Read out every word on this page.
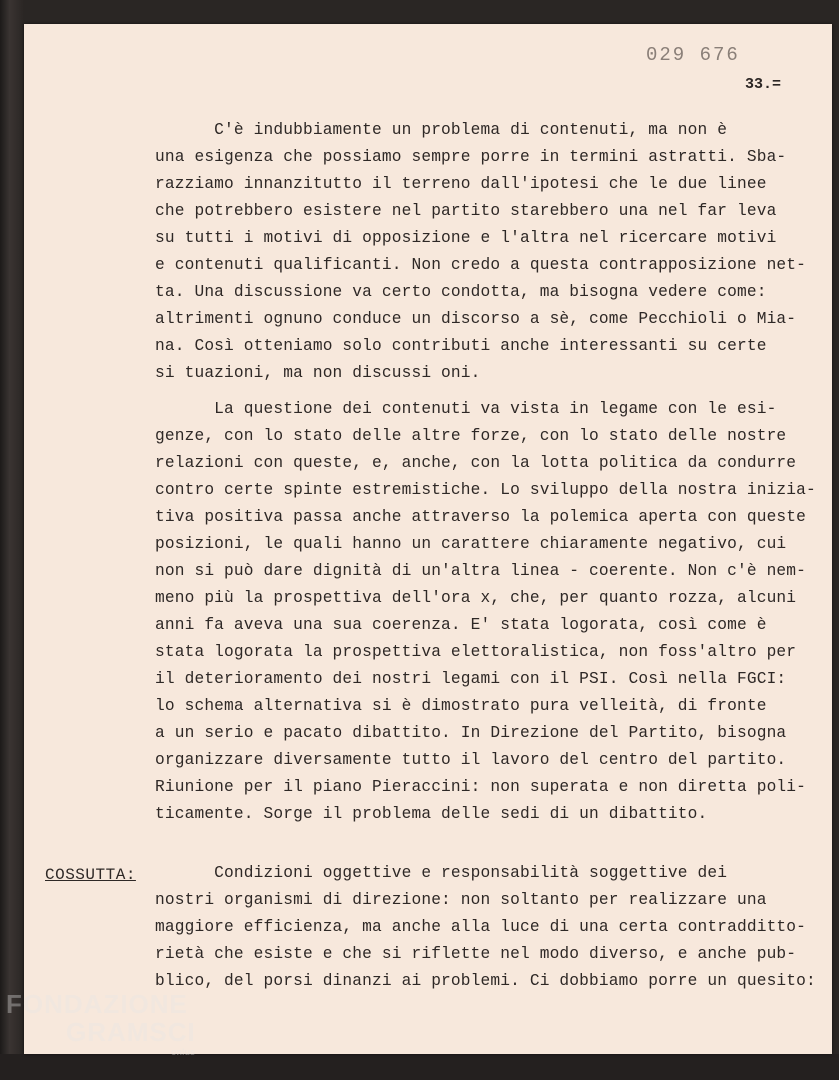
029 676
33.=
C'è indubbiamente un problema di contenuti, ma non è
una esigenza che possiamo sempre porre in termini astratti. Sba-
razziamo innanzitutto il terreno dall'ipotesi che le due linee
che potrebbero esistere nel partito starebbero una nel far leva
su tutti i motivi di opposizione e l'altra nel ricercare motivi
e contenuti qualificanti. Non credo a questa contrapposizione net-
ta. Una discussione va certo condotta, ma bisogna vedere come:
altrimenti ognuno conduce un discorso a sè, come Pecchioli o Mia-
na. Così otteniamo solo contributi anche interessanti su certe
si tuazioni, ma non discussi oni.
La questione dei contenuti va vista in legame con le esi-
genze, con lo stato delle altre forze, con lo stato delle nostre
relazioni con queste, e, anche, con la lotta politica da condurre
contro certe spinte estremistiche. Lo sviluppo della nostra inizia-
tiva positiva passa anche attraverso la polemica aperta con queste
posizioni, le quali hanno un carattere chiaramente negativo, cui
non si può dare dignità di un'altra linea - coerente. Non c'è nem-
meno più la prospettiva dell'ora x, che, per quanto rozza, alcuni
anni fa aveva una sua coerenza. E' stata logorata, così come è
stata logorata la prospettiva elettoralistica, non foss'altro per
il deterioramento dei nostri legami con il PSI. Così nella FGCI:
lo schema alternativa si è dimostrato pura velleità, di fronte
a un serio e pacato dibattito. In Direzione del Partito, bisogna
organizzare diversamente tutto il lavoro del centro del partito.
Riunione per il piano Pieraccini: non superata e non diretta poli-
ticamente. Sorge il problema delle sedi di un dibattito.
COSSUTTA: Condizioni oggettive e responsabilità soggettive dei
nostri organismi di direzione: non soltanto per realizzare una
maggiore efficienza, ma anche alla luce di una certa contradditto-
rietà che esiste e che si riflette nel modo diverso, e anche pub-
blico, del porsi dinanzi ai problemi. Ci dobbiamo porre un quesito:
FONDAZIONE
GRAMSCI
onlus
